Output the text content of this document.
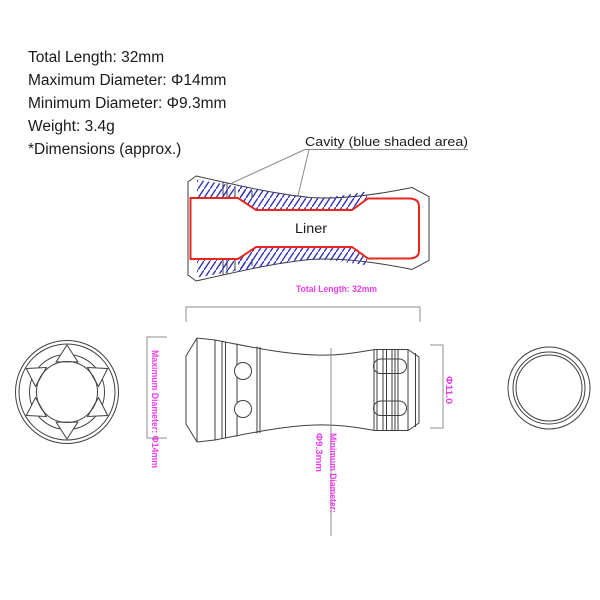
Total Length: 32mm
Maximum Diameter: Φ14mm
Minimum Diameter: Φ9.3mm
Weight: 3.4g
*Dimensions (approx.)	Cavity (blue shaded area)
Liner
Total Length: 32mm
Maximum Diameter: Φ14mm	Minimum Diameter:
Φ9.3mm
Φ11.0
